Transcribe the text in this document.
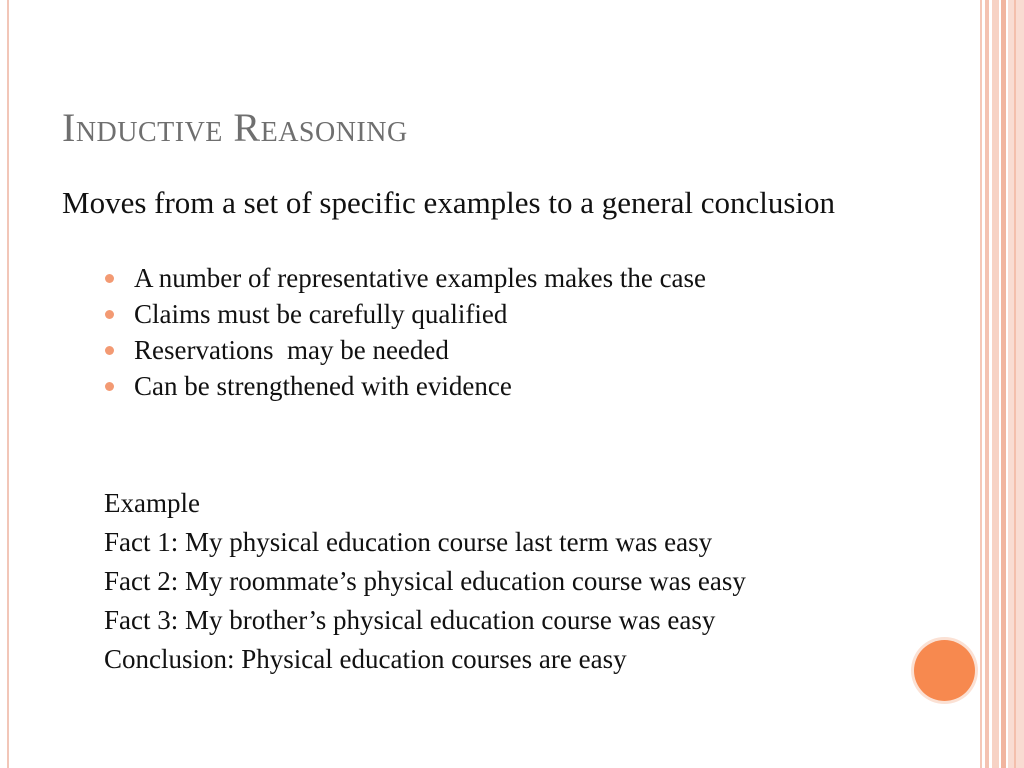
Inductive Reasoning

Moves from a set of specific examples to a general conclusion

A number of representative examples makes the case
Claims must be carefully qualified
Reservations  may be needed
Can be strengthened with evidence
Example
Fact 1: My physical education course last term was easy
Fact 2: My roommate’s physical education course was easy
Fact 3: My brother’s physical education course was easy
Conclusion: Physical education courses are easy
